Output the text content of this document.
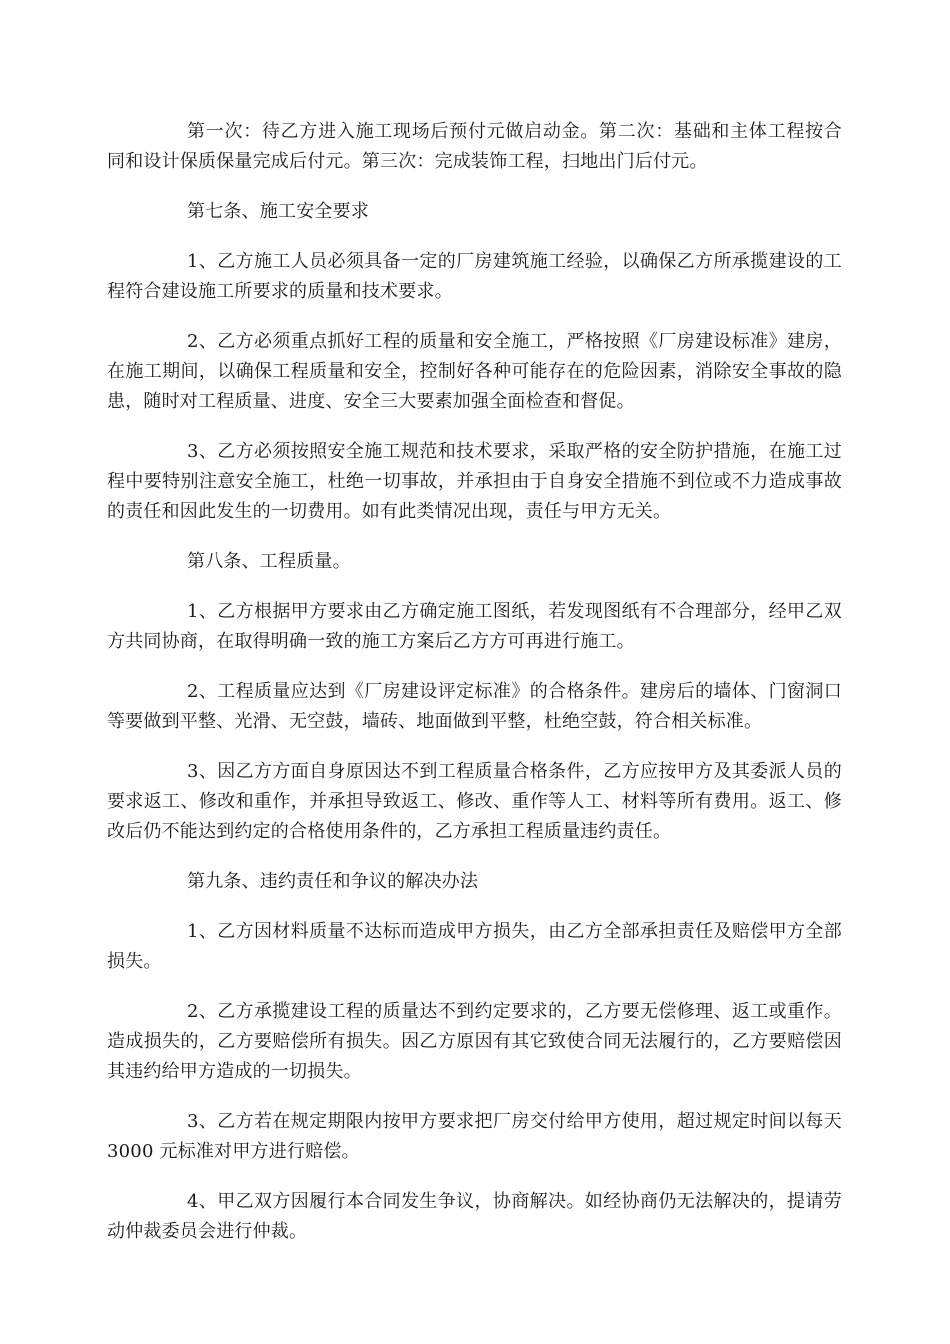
第一次：待乙方进入施工现场后预付元做启动金。第二次：基础和主体工程按合同和设计保质保量完成后付元。第三次：完成装饰工程，扫地出门后付元。

第七条、施工安全要求

1、乙方施工人员必须具备一定的厂房建筑施工经验，以确保乙方所承揽建设的工程符合建设施工所要求的质量和技术要求。

2、乙方必须重点抓好工程的质量和安全施工，严格按照《厂房建设标准》建房，在施工期间，以确保工程质量和安全，控制好各种可能存在的危险因素，消除安全事故的隐患，随时对工程质量、进度、安全三大要素加强全面检查和督促。

3、乙方必须按照安全施工规范和技术要求，采取严格的安全防护措施，在施工过程中要特别注意安全施工，杜绝一切事故，并承担由于自身安全措施不到位或不力造成事故的责任和因此发生的一切费用。如有此类情况出现，责任与甲方无关。

第八条、工程质量。

1、乙方根据甲方要求由乙方确定施工图纸，若发现图纸有不合理部分，经甲乙双方共同协商，在取得明确一致的施工方案后乙方方可再进行施工。

2、工程质量应达到《厂房建设评定标准》的合格条件。建房后的墙体、门窗洞口等要做到平整、光滑、无空鼓，墙砖、地面做到平整，杜绝空鼓，符合相关标准。

3、因乙方方面自身原因达不到工程质量合格条件，乙方应按甲方及其委派人员的要求返工、修改和重作，并承担导致返工、修改、重作等人工、材料等所有费用。返工、修改后仍不能达到约定的合格使用条件的，乙方承担工程质量违约责任。

第九条、违约责任和争议的解决办法

1、乙方因材料质量不达标而造成甲方损失，由乙方全部承担责任及赔偿甲方全部损失。

2、乙方承揽建设工程的质量达不到约定要求的，乙方要无偿修理、返工或重作。造成损失的，乙方要赔偿所有损失。因乙方原因有其它致使合同无法履行的，乙方要赔偿因其违约给甲方造成的一切损失。

3、乙方若在规定期限内按甲方要求把厂房交付给甲方使用，超过规定时间以每天 3000 元标准对甲方进行赔偿。

4、甲乙双方因履行本合同发生争议，协商解决。如经协商仍无法解决的，提请劳动仲裁委员会进行仲裁。
